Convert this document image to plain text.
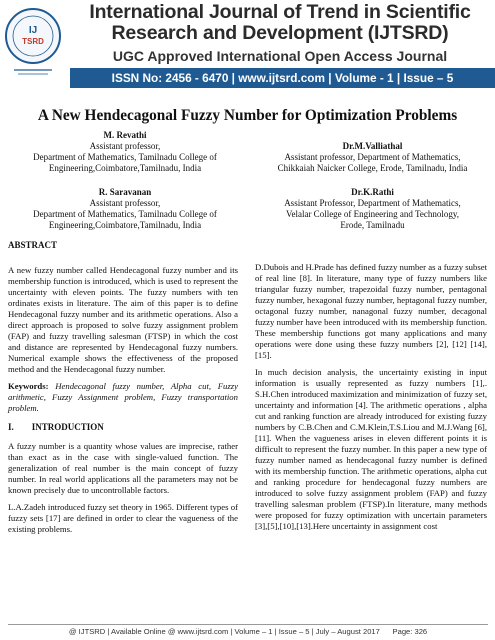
IJ
TSRD
International Journal of Trend in Scientific
Research and Development (IJTSRD)
UGC Approved International Open Access Journal
ISSN No: 2456 - 6470 | www.ijtsrd.com | Volume - 1 | Issue – 5
A New Hendecagonal Fuzzy Number for Optimization Problems
M. Revathi
Assistant professor,
Department of Mathematics, Tamilnadu College of
Engineering,Coimbatore,Tamilnadu, India
Dr.M.Valliathal
Assistant professor, Department of Mathematics,
Chikkaiah Naicker College, Erode, Tamilnadu, India
R. Saravanan
Assistant professor,
Department of Mathematics, Tamilnadu College of
Engineering,Coimbatore,Tamilnadu, India
Dr.K.Rathi
Assistant Professor, Department of Mathematics,
Velalar College of Engineering and Technology,
Erode, Tamilnadu

ABSTRACT

A new fuzzy number called Hendecagonal fuzzy number and its membership function is introduced, which is used to represent the uncertainty with eleven points. The fuzzy numbers with ten ordinates exists in literature. The aim of this paper is to define Hendecagonal fuzzy number and its arithmetic operations. Also a direct approach is proposed to solve fuzzy assignment problem (FAP) and fuzzy travelling salesman (FTSP) in which the cost and distance are represented by Hendecagonal fuzzy numbers. Numerical example shows the effectiveness of the proposed method and the Hendecagonal fuzzy number.

Keywords: Hendecagonal fuzzy number, Alpha cut, Fuzzy arithmetic, Fuzzy Assignment problem, Fuzzy transportation problem.

I.        INTRODUCTION

A fuzzy number is a quantity whose values are imprecise, rather than exact as in the case with single-valued function. The generalization of real number is the main concept of fuzzy number. In real world applications all the parameters may not be known precisely due to uncontrollable factors.

L.A.Zadeh introduced fuzzy set theory in 1965. Different types of fuzzy sets [17] are defined in order to clear the vagueness of the existing problems.

D.Dubois and H.Prade has defined fuzzy number as a fuzzy subset of real line [8]. In literature, many type of fuzzy numbers like triangular fuzzy number, trapezoidal fuzzy number, pentagonal fuzzy number, hexagonal fuzzy number, heptagonal fuzzy number, octagonal fuzzy number, nanagonal fuzzy number, decagonal fuzzy number have been introduced with its membership function. These membership functions got many applications and many operations were done using these fuzzy numbers [2], [12] [14], [15].

In much decision analysis, the uncertainty existing in input information is usually represented as fuzzy numbers [1],. S.H.Chen introduced maximization and minimization of fuzzy set, uncertainty and information [4]. The arithmetic operations , alpha cut and ranking function are already introduced for existing fuzzy numbers by C.B.Chen and C.M.Klein,T.S.Liou and M.J.Wang [6],[11]. When the vagueness arises in eleven different points it is difficult to represent the fuzzy number. In this paper a new type of fuzzy number named as hendecagonal fuzzy number is defined with its membership function. The arithmetic operations, alpha cut and ranking procedure for hendecagonal fuzzy numbers are introduced to solve fuzzy assignment problem (FAP) and fuzzy travelling salesman problem (FTSP).In literature, many methods were proposed for fuzzy optimization with uncertain parameters [3],[5],[10],[13].Here uncertainty in assignment cost

@ IJTSRD | Available Online @ www.ijtsrd.com | Volume – 1 | Issue – 5 | July – August 2017      Page: 326
